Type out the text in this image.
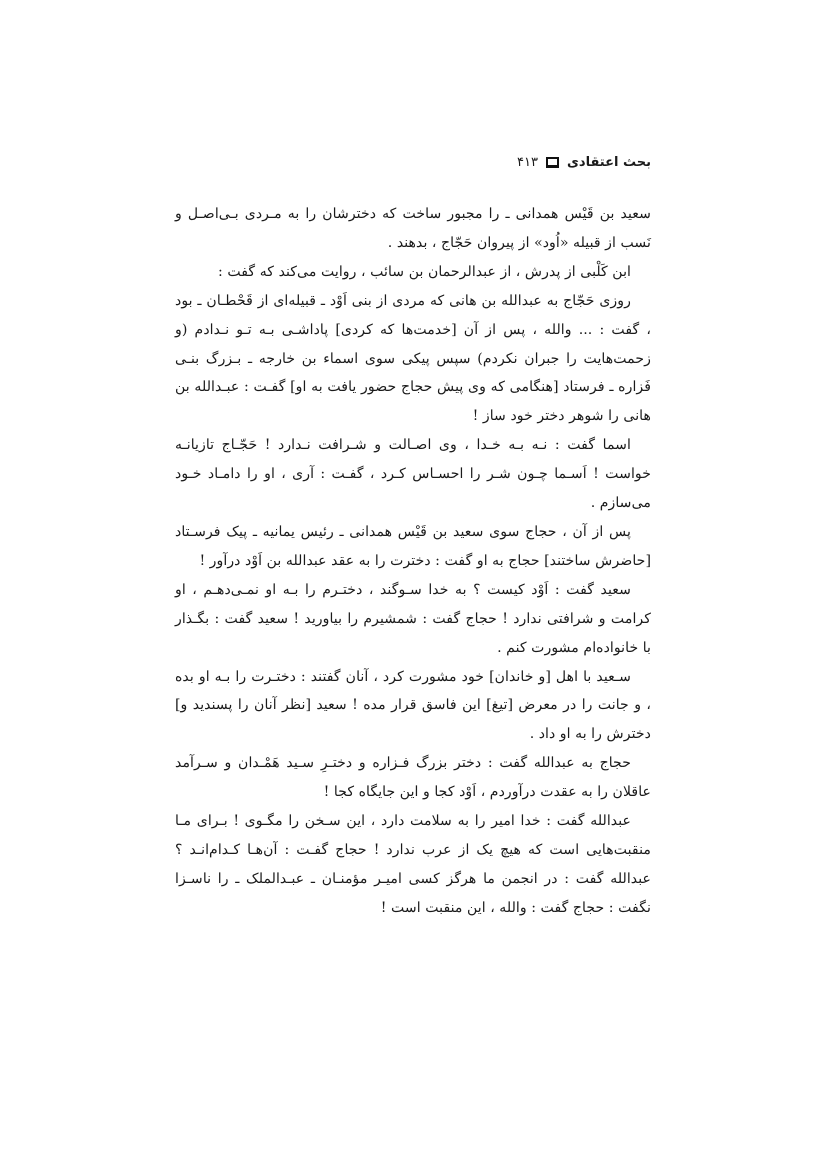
بحث اعتقادی
۴۱۳

سعید بن قَیْس همدانی ـ را مجبور ساخت که دخترشان را به مـردی بـی‌اصـل و نَسب از قبیله «اُود» از پیروان حَجّاج ، بدهند .

ابن کَلْبی از پدرش ، از عبدالرحمان بن سائب ، روایت می‌کند که گفت :

روزی حَجّاج به عبدالله بن هانی که مردی از بنی اَوْد ـ قبیله‌ای از قَحْطـان ـ بود ، گفت : ... والله ، پس از آن [خدمت‌ها که کردی] پاداشـی بـه تـو نـدادم (و زحمت‌هایت را جبران نکردم) سپس پیکی سوی اسماء بن خارجه ـ بـزرگ بنـی فَزاره ـ فرستاد [هنگامی که وی پیش حجاج حضور یافت به او] گفـت : عبـدالله بن هانی را شوهر دختر خود ساز !

اسما گفت : نـه بـه خـدا ، وی اصـالت و شـرافت نـدارد ! حَجّـاج تازیانـه خواست ! اَسـما چـون شـر را احسـاس کـرد ، گفـت : آری ، او را دامـاد خـود می‌سازم .

پس از آن ، حجاج سوی سعید بن قَیْس همدانی ـ رئیس یمانیه ـ پیک فرسـتاد [حاضرش ساختند] حجاج به او گفت : دخترت را به عقد عبدالله بن اَوْد درآور !

سعید گفت : اَوْد کیست ؟ به خدا سـوگند ، دختـرم را بـه او نمـی‌دهـم ، او کرامت و شرافتی ندارد ! حجاج گفت : شمشیرم را بیاورید ! سعید گفت : بگـذار با خانواده‌ام مشورت کنم .

سـعید با اهل [و خاندان] خود مشورت کرد ، آنان گفتند : دختـرت را بـه او بده ، و جانت را در معرض [تیغ] این فاسق قرار مده ! سعید [نظر آنان را پسندید و] دخترش را به او داد .

حجاج به عبدالله گفت : دختر بزرگ فـزاره و دختـرِ سـید هَمْـدان و سـرآمد عاقلان را به عقدت درآوردم ، اَوْد کجا و این جایگاه کجا !

عبدالله گفت : خدا امیر را به سلامت دارد ، این سـخن را مگـوی ! بـرای مـا منقبت‌هایی است که هیچ یک از عرب ندارد ! حجاج گفـت : آن‌هـا کـدام‌انـد ؟ عبدالله گفت : در انجمن ما هرگز کسی امیـر مؤمنـان ـ عبـدالملک ـ را ناسـزا نگفت : حجاج گفت : والله ، این منقبت است !
